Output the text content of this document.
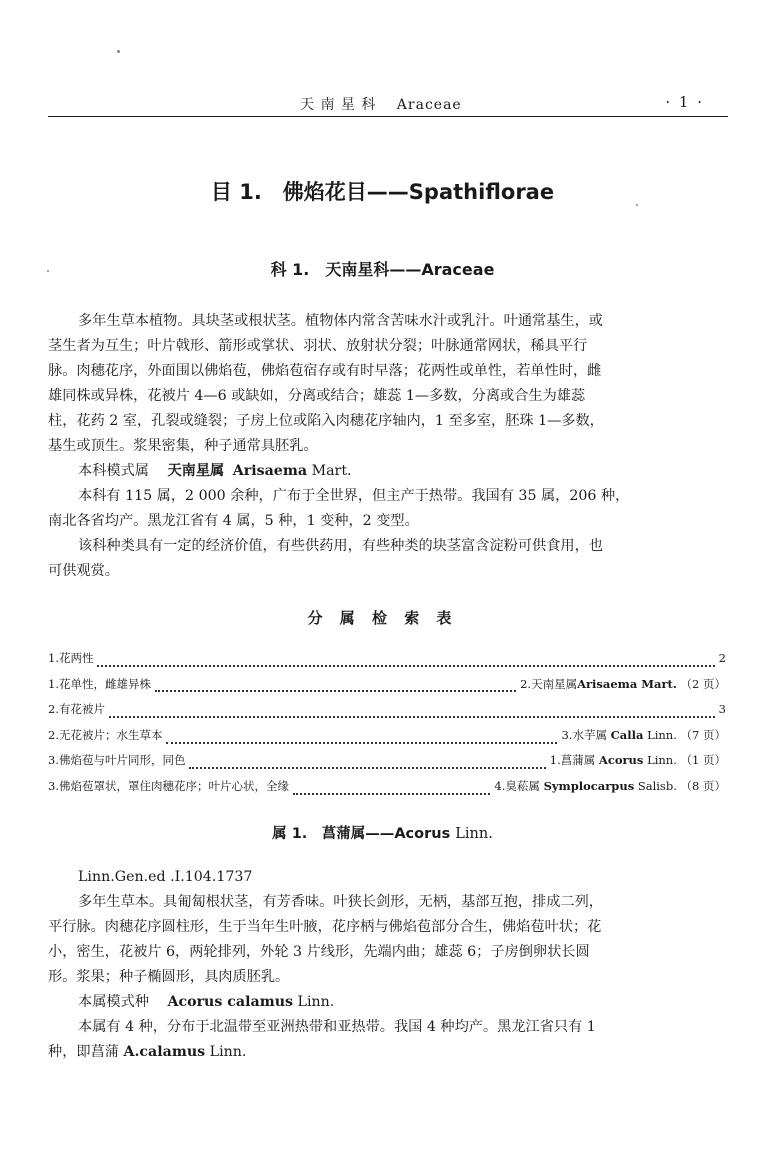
天 南 星 科　 Araceae	· 1 ·
目 1.　佛焰花目——Spathiflorae
科 1.　天南星科——Araceae
多年生草本植物。具块茎或根状茎。植物体内常含苦味水汁或乳汁。叶通常基生，或
茎生者为互生；叶片戟形、箭形或掌状、羽状、放射状分裂；叶脉通常网状，稀具平行
脉。肉穗花序，外面围以佛焰苞，佛焰苞宿存或有时早落；花两性或单性，若单性时，雌
雄同株或异株，花被片 4—6 或缺如，分离或结合；雄蕊 1—多数，分离或合生为雄蕊
柱，花药 2 室，孔裂或缝裂；子房上位或陷入肉穗花序轴内，1 至多室，胚珠 1—多数，
基生或顶生。浆果密集，种子通常具胚乳。
本科模式属 天南星属 Arisaema Mart.
本科有 115 属，2 000 余种，广布于全世界，但主产于热带。我国有 35 属，206 种，
南北各省均产。黑龙江省有 4 属，5 种，1 变种，2 变型。
该科种类具有一定的经济价值，有些供药用，有些种类的块茎富含淀粉可供食用，也
可供观赏。
分 属 检 索 表
1.花两性	2
1.花单性，雌雄异株	2.天南星属Arisaema Mart. （2 页）
2.有花被片	3
2.无花被片；水生草本	3.水芋属 Calla Linn. （7 页）
3.佛焰苞与叶片同形，同色	1.菖蒲属 Acorus Linn. （1 页）
3.佛焰苞罩状，罩住肉穗花序；叶片心状，全缘	4.臭菘属 Symplocarpus Salisb. （8 页）
属 1.　菖蒲属——Acorus Linn.
Linn.Gen.ed .I.104.1737
多年生草本。具匍匐根状茎，有芳香味。叶狭长剑形，无柄，基部互抱，排成二列，
平行脉。肉穗花序圆柱形，生于当年生叶腋，花序柄与佛焰苞部分合生，佛焰苞叶状；花
小，密生，花被片 6，两轮排列，外轮 3 片线形，先端内曲；雄蕊 6；子房倒卵状长圆
形。浆果；种子椭圆形，具肉质胚乳。
本属模式种 Acorus calamus Linn.
本属有 4 种，分布于北温带至亚洲热带和亚热带。我国 4 种均产。黑龙江省只有 1
种，即菖蒲 A.calamus Linn.
